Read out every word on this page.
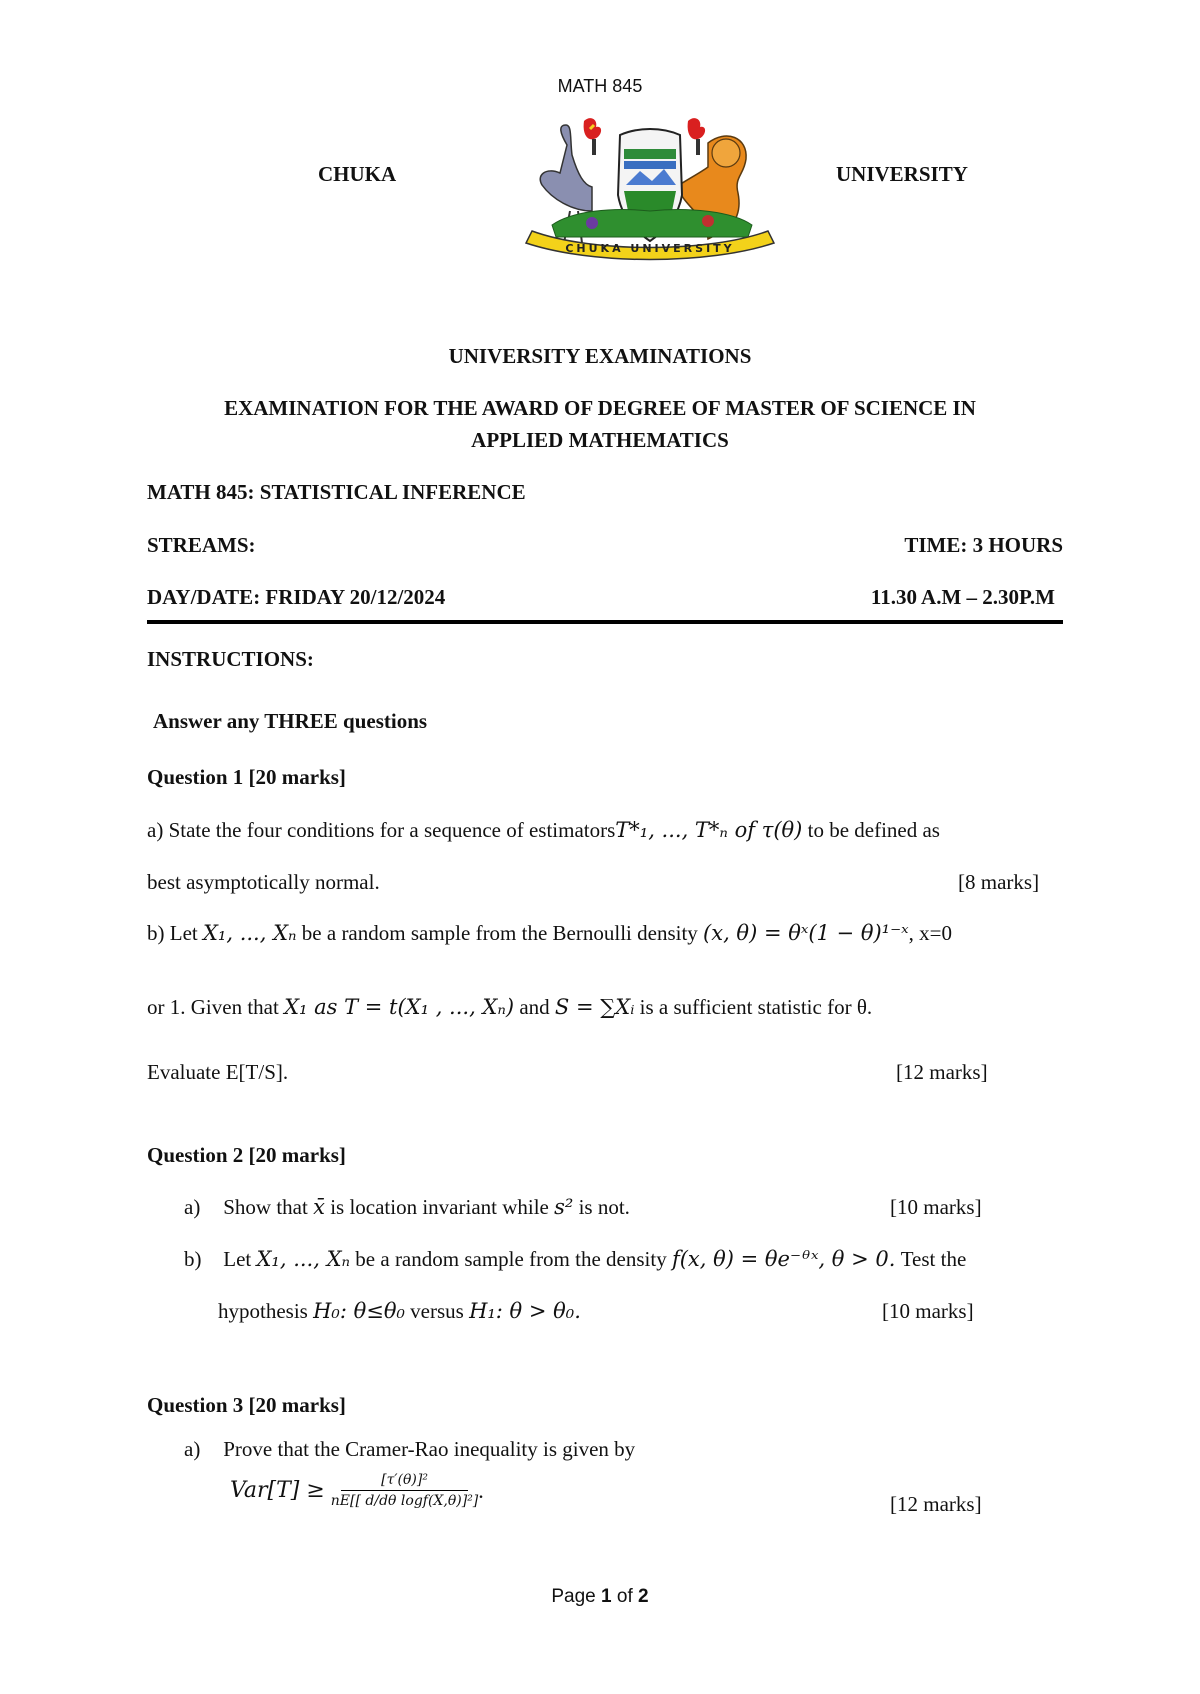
MATH 845
CHUKA	UNIVERSITY
CHUKA UNIVERSITY
UNIVERSITY EXAMINATIONS
EXAMINATION FOR THE AWARD OF DEGREE OF MASTER OF SCIENCE IN
APPLIED MATHEMATICS
MATH 845: STATISTICAL INFERENCE
STREAMS:	TIME: 3 HOURS
DAY/DATE: FRIDAY 20/12/2024	11.30 A.M – 2.30P.M
INSTRUCTIONS:
Answer any THREE questions
Question 1 [20 marks]
a) State the four conditions for a sequence of estimatorsT*₁, ..., T*ₙ of τ(θ) to be defined as
best asymptotically normal.	[8 marks]
b) Let X₁, ..., Xₙ be a random sample from the Bernoulli density (x, θ) = θˣ(1 − θ)¹⁻ˣ, x=0
or 1. Given that X₁ as T = t(X₁ , ..., Xₙ) and S = ∑Xᵢ is a sufficient statistic for θ.
Evaluate E[T/S].	[12 marks]
Question 2 [20 marks]
a) Show that x̄ is location invariant while s² is not.	[10 marks]
b) Let X₁, ..., Xₙ be a random sample from the density f(x, θ) = θe⁻ᶿˣ, θ > 0. Test the
hypothesis H₀: θ≤θ₀ versus H₁: θ > θ₀.	[10 marks]
Question 3 [20 marks]
a) Prove that the Cramer-Rao inequality is given by
$Var[T] \ge \frac{\text{[τ′(θ)]²}}{\text{nE[[ d/dθ logf(X,θ)]²]}}$ .
[12 marks]
Page 1 of 2
